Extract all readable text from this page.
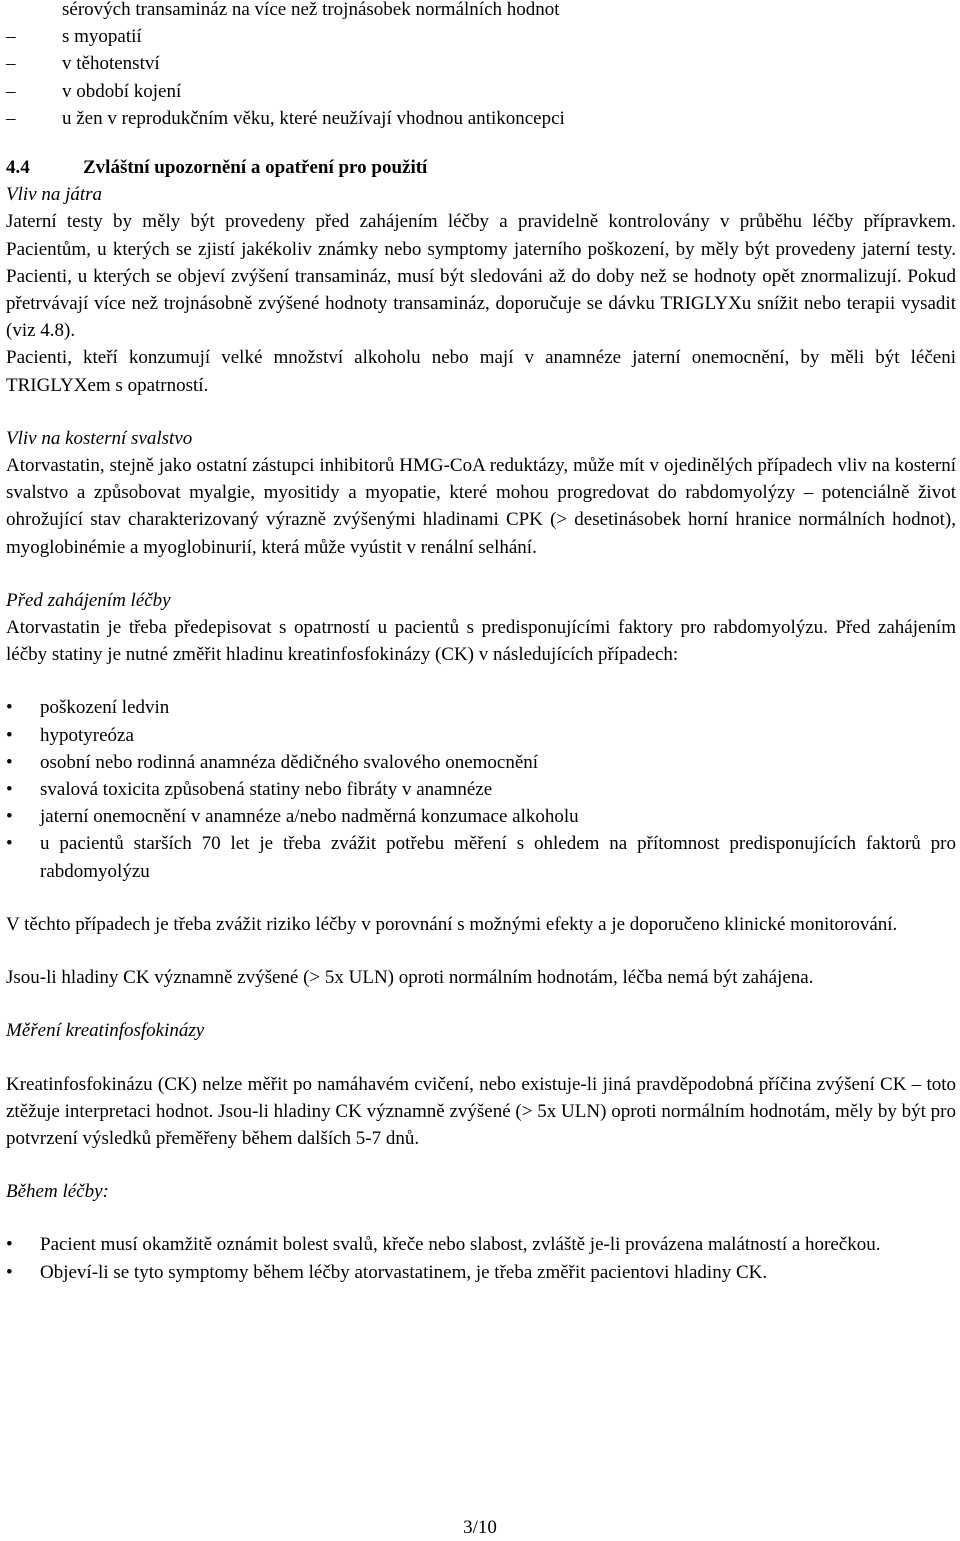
sérových transamináz na více než trojnásobek normálních hodnot

– s myopatií
– v těhotenství
– v období kojení
– u žen v reprodukčním věku, které neužívají vhodnou antikoncepci
4.4	Zvláštní upozornění a opatření pro použití
Vliv na játra

Jaterní testy by měly být provedeny před zahájením léčby a pravidelně kontrolovány v průběhu léčby přípravkem. Pacientům, u kterých se zjistí jakékoliv známky nebo symptomy jaterního poškození, by měly být provedeny jaterní testy. Pacienti, u kterých se objeví zvýšení transamináz, musí být sledováni až do doby než se hodnoty opět znormalizují. Pokud přetrvávají více než trojnásobně zvýšené hodnoty transamináz, doporučuje se dávku TRIGLYXu snížit nebo terapii vysadit (viz 4.8).

Pacienti, kteří konzumují velké množství alkoholu nebo mají v anamnéze jaterní onemocnění, by měli být léčeni TRIGLYXem s opatrností.

Vliv na kosterní svalstvo

Atorvastatin, stejně jako ostatní zástupci inhibitorů HMG-CoA reduktázy, může mít v ojedinělých případech vliv na kosterní svalstvo a způsobovat myalgie, myositidy a myopatie, které mohou progredovat do rabdomyolýzy – potenciálně život ohrožující stav charakterizovaný výrazně zvýšenými hladinami CPK (> desetinásobek horní hranice normálních hodnot), myoglobinémie a myoglobinurií, která může vyústit v renální selhání.

Před zahájením léčby

Atorvastatin je třeba předepisovat s opatrností u pacientů s predisponujícími faktory pro rabdomyolýzu. Před zahájením léčby statiny je nutné změřit hladinu kreatinfosfokinázy (CK) v následujících případech:

• poškození ledvin
• hypotyreóza
• osobní nebo rodinná anamnéza dědičného svalového onemocnění
• svalová toxicita způsobená statiny nebo fibráty v anamnéze
• jaterní onemocnění v anamnéze a/nebo nadměrná konzumace alkoholu
• u pacientů starších 70 let je třeba zvážit potřebu měření s ohledem na přítomnost predisponujících faktorů pro rabdomyolýzu

V těchto případech je třeba zvážit riziko léčby v porovnání s možnými efekty a je doporučeno klinické monitorování.

Jsou-li hladiny CK významně zvýšené (> 5x ULN) oproti normálním hodnotám, léčba nemá být zahájena.

Měření kreatinfosfokinázy

Kreatinfosfokinázu (CK) nelze měřit po namáhavém cvičení, nebo existuje-li jiná pravděpodobná příčina zvýšení CK – toto ztěžuje interpretaci hodnot. Jsou-li hladiny CK významně zvýšené (> 5x ULN) oproti normálním hodnotám, měly by být pro potvrzení výsledků přeměřeny během dalších 5-7 dnů.

Během léčby:
• Pacient musí okamžitě oznámit bolest svalů, křeče nebo slabost, zvláště je-li provázena malátností a horečkou.
• Objeví-li se tyto symptomy během léčby atorvastatinem, je třeba změřit pacientovi hladiny CK.
3/10
